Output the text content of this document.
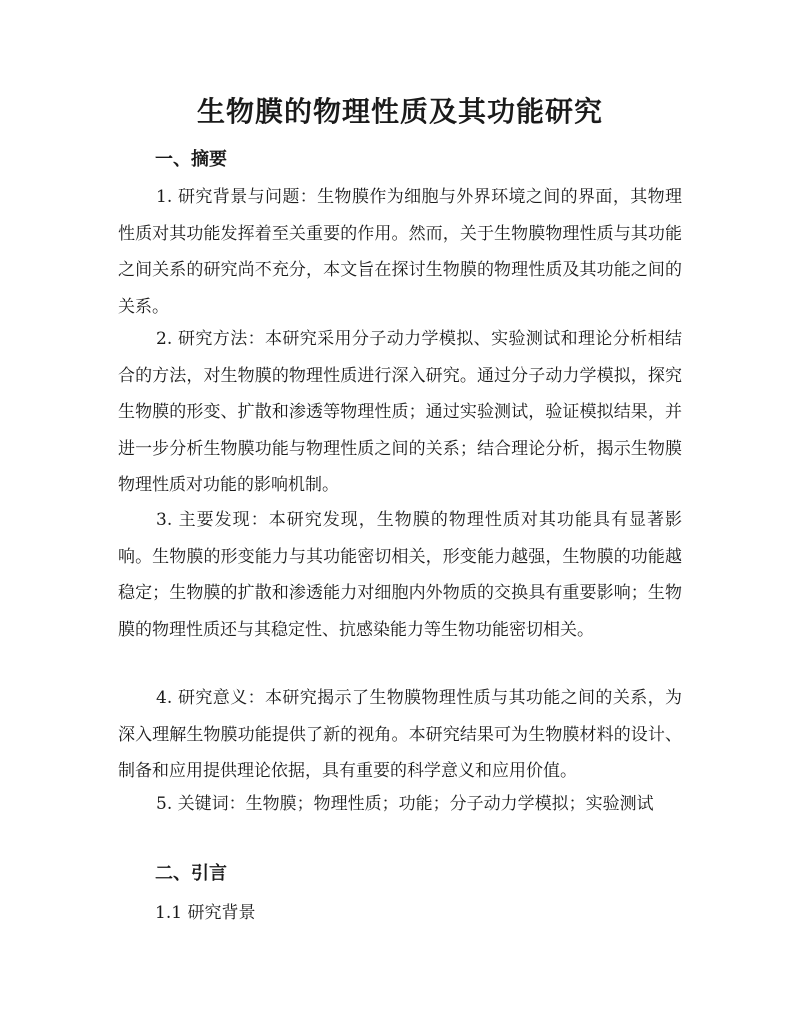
生物膜的物理性质及其功能研究
一、摘要

1. 研究背景与问题：生物膜作为细胞与外界环境之间的界面，其物理性质对其功能发挥着至关重要的作用。然而，关于生物膜物理性质与其功能之间关系的研究尚不充分，本文旨在探讨生物膜的物理性质及其功能之间的关系。

2. 研究方法：本研究采用分子动力学模拟、实验测试和理论分析相结合的方法，对生物膜的物理性质进行深入研究。通过分子动力学模拟，探究生物膜的形变、扩散和渗透等物理性质；通过实验测试，验证模拟结果，并进一步分析生物膜功能与物理性质之间的关系；结合理论分析，揭示生物膜物理性质对功能的影响机制。

3. 主要发现：本研究发现，生物膜的物理性质对其功能具有显著影响。生物膜的形变能力与其功能密切相关，形变能力越强，生物膜的功能越稳定；生物膜的扩散和渗透能力对细胞内外物质的交换具有重要影响；生物膜的物理性质还与其稳定性、抗感染能力等生物功能密切相关。

4. 研究意义：本研究揭示了生物膜物理性质与其功能之间的关系，为深入理解生物膜功能提供了新的视角。本研究结果可为生物膜材料的设计、制备和应用提供理论依据，具有重要的科学意义和应用价值。

5. 关键词：生物膜；物理性质；功能；分子动力学模拟；实验测试

二、引言

1.1 研究背景
